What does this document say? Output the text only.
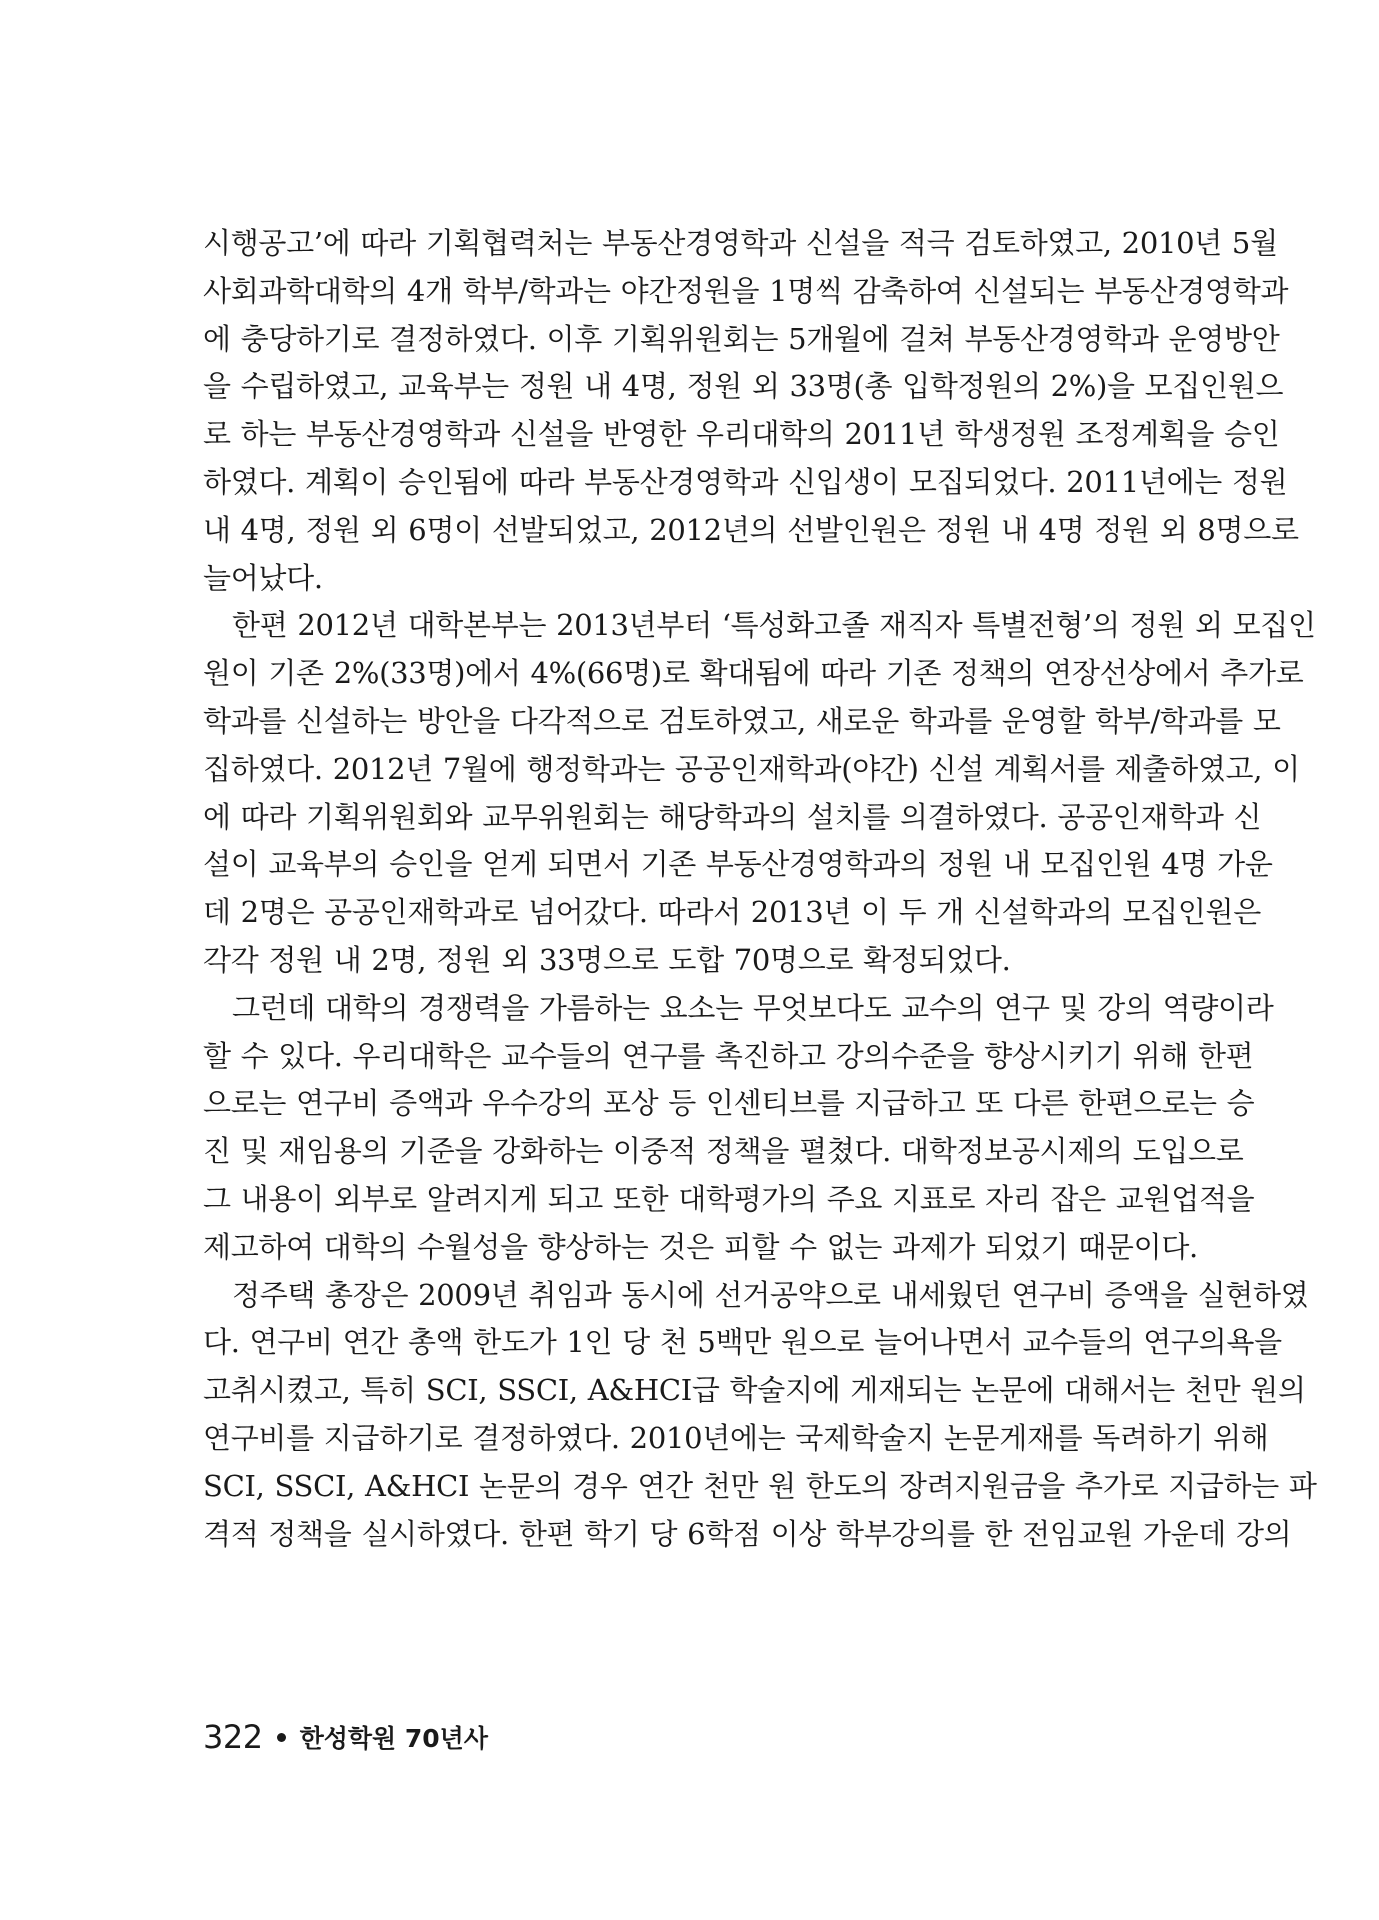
시행공고’에 따라 기획협력처는 부동산경영학과 신설을 적극 검토하였고, 2010년 5월
사회과학대학의 4개 학부/학과는 야간정원을 1명씩 감축하여 신설되는 부동산경영학과
에 충당하기로 결정하였다. 이후 기획위원회는 5개월에 걸쳐 부동산경영학과 운영방안
을 수립하였고, 교육부는 정원 내 4명, 정원 외 33명(총 입학정원의 2%)을 모집인원으
로 하는 부동산경영학과 신설을 반영한 우리대학의 2011년 학생정원 조정계획을 승인
하였다. 계획이 승인됨에 따라 부동산경영학과 신입생이 모집되었다. 2011년에는 정원
내 4명, 정원 외 6명이 선발되었고, 2012년의 선발인원은 정원 내 4명 정원 외 8명으로
늘어났다.

한편 2012년 대학본부는 2013년부터 ‘특성화고졸 재직자 특별전형’의 정원 외 모집인
원이 기존 2%(33명)에서 4%(66명)로 확대됨에 따라 기존 정책의 연장선상에서 추가로
학과를 신설하는 방안을 다각적으로 검토하였고, 새로운 학과를 운영할 학부/학과를 모
집하였다. 2012년 7월에 행정학과는 공공인재학과(야간) 신설 계획서를 제출하였고, 이
에 따라 기획위원회와 교무위원회는 해당학과의 설치를 의결하였다. 공공인재학과 신
설이 교육부의 승인을 얻게 되면서 기존 부동산경영학과의 정원 내 모집인원 4명 가운
데 2명은 공공인재학과로 넘어갔다. 따라서 2013년 이 두 개 신설학과의 모집인원은
각각 정원 내 2명, 정원 외 33명으로 도합 70명으로 확정되었다.

그런데 대학의 경쟁력을 가름하는 요소는 무엇보다도 교수의 연구 및 강의 역량이라
할 수 있다. 우리대학은 교수들의 연구를 촉진하고 강의수준을 향상시키기 위해 한편
으로는 연구비 증액과 우수강의 포상 등 인센티브를 지급하고 또 다른 한편으로는 승
진 및 재임용의 기준을 강화하는 이중적 정책을 펼쳤다. 대학정보공시제의 도입으로
그 내용이 외부로 알려지게 되고 또한 대학평가의 주요 지표로 자리 잡은 교원업적을
제고하여 대학의 수월성을 향상하는 것은 피할 수 없는 과제가 되었기 때문이다.

정주택 총장은 2009년 취임과 동시에 선거공약으로 내세웠던 연구비 증액을 실현하였
다. 연구비 연간 총액 한도가 1인 당 천 5백만 원으로 늘어나면서 교수들의 연구의욕을
고취시켰고, 특히 SCI, SSCI, A&HCI급 학술지에 게재되는 논문에 대해서는 천만 원의
연구비를 지급하기로 결정하였다. 2010년에는 국제학술지 논문게재를 독려하기 위해
SCI, SSCI, A&HCI 논문의 경우 연간 천만 원 한도의 장려지원금을 추가로 지급하는 파
격적 정책을 실시하였다. 한편 학기 당 6학점 이상 학부강의를 한 전임교원 가운데 강의

322 한성학원 70년사
